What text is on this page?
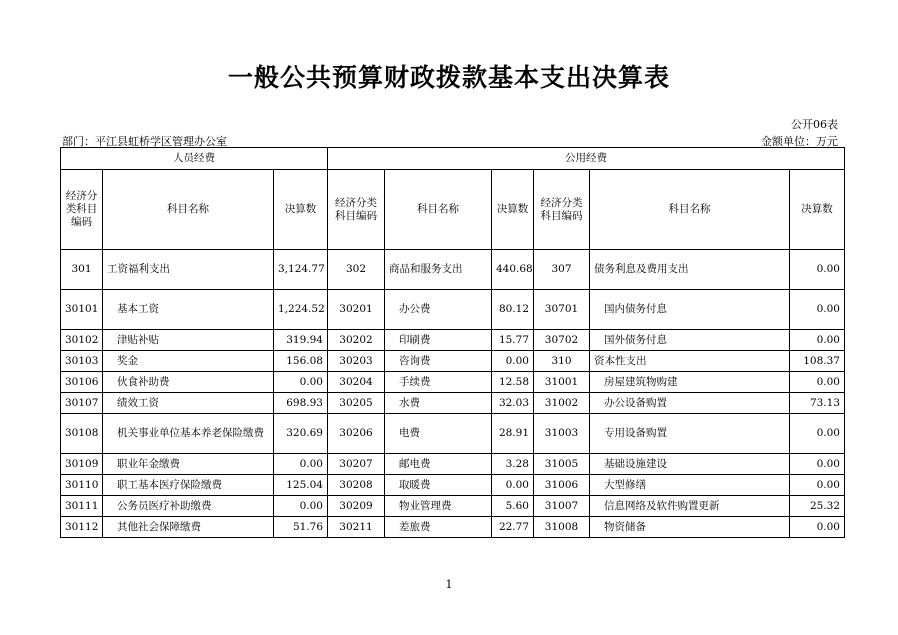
一般公共预算财政拨款基本支出决算表
公开06表
部门：平江县虹桥学区管理办公室	金额单位：万元
人员经费			公用经费					
经济分类科目编码	科目名称	决算数	经济分类科目编码	科目名称	决算数	经济分类科目编码	科目名称	决算数
301	工资福利支出	3,124.77	302	商品和服务支出	440.68	307	债务利息及费用支出	0.00
30101	基本工资	1,224.52	30201	办公费	80.12	30701	国内债务付息	0.00
30102	津贴补贴	319.94	30202	印刷费	15.77	30702	国外债务付息	0.00
30103	奖金	156.08	30203	咨询费	0.00	310	资本性支出	108.37
30106	伙食补助费	0.00	30204	手续费	12.58	31001	房屋建筑物购建	0.00
30107	绩效工资	698.93	30205	水费	32.03	31002	办公设备购置	73.13
30108	机关事业单位基本养老保险缴费	320.69	30206	电费	28.91	31003	专用设备购置	0.00
30109	职业年金缴费	0.00	30207	邮电费	3.28	31005	基础设施建设	0.00
30110	职工基本医疗保险缴费	125.04	30208	取暖费	0.00	31006	大型修缮	0.00
30111	公务员医疗补助缴费	0.00	30209	物业管理费	5.60	31007	信息网络及软件购置更新	25.32
30112	其他社会保障缴费	51.76	30211	差旅费	22.77	31008	物资储备	0.00
1
